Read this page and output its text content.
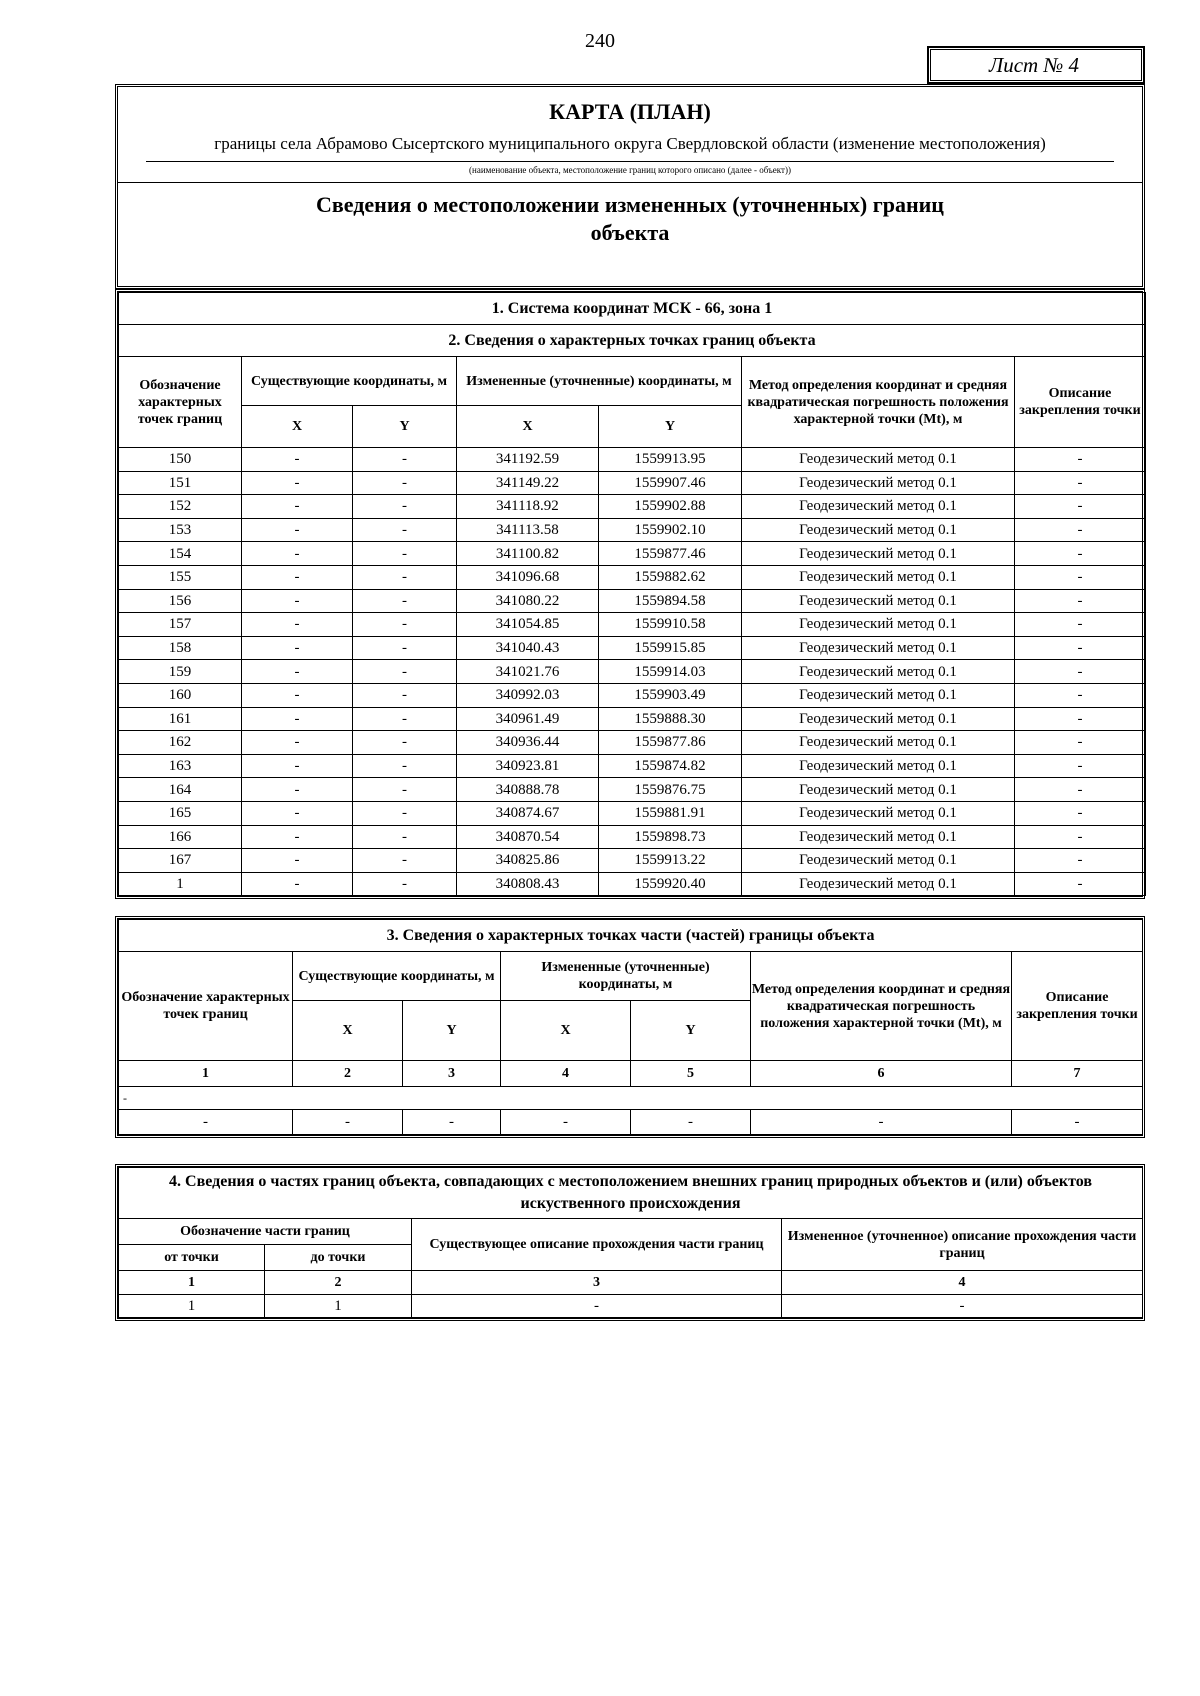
240
Лист № 4
КАРТА (ПЛАН)
границы села Абрамово Сысертского муниципального округа Свердловской области (изменение местоположения)
(наименование объекта, местоположение границ которого описано (далее - объект))
Сведения о местоположении измененных (уточненных) границ
объекта
1. Система координат МСК - 66, зона 1						
2. Сведения о характерных точках границ объекта						
Обозначение характерных точек границ	Существующие координаты, м		Измененные (уточненные) координаты, м		Метод определения координат и средняя квадратическая погрешность положения характерной точки (Mt), м	Описание закрепления точки
	X	Y	X	Y		
150	-	-	341192.59	1559913.95	Геодезический метод 0.1	-
151	-	-	341149.22	1559907.46	Геодезический метод 0.1	-
152	-	-	341118.92	1559902.88	Геодезический метод 0.1	-
153	-	-	341113.58	1559902.10	Геодезический метод 0.1	-
154	-	-	341100.82	1559877.46	Геодезический метод 0.1	-
155	-	-	341096.68	1559882.62	Геодезический метод 0.1	-
156	-	-	341080.22	1559894.58	Геодезический метод 0.1	-
157	-	-	341054.85	1559910.58	Геодезический метод 0.1	-
158	-	-	341040.43	1559915.85	Геодезический метод 0.1	-
159	-	-	341021.76	1559914.03	Геодезический метод 0.1	-
160	-	-	340992.03	1559903.49	Геодезический метод 0.1	-
161	-	-	340961.49	1559888.30	Геодезический метод 0.1	-
162	-	-	340936.44	1559877.86	Геодезический метод 0.1	-
163	-	-	340923.81	1559874.82	Геодезический метод 0.1	-
164	-	-	340888.78	1559876.75	Геодезический метод 0.1	-
165	-	-	340874.67	1559881.91	Геодезический метод 0.1	-
166	-	-	340870.54	1559898.73	Геодезический метод 0.1	-
167	-	-	340825.86	1559913.22	Геодезический метод 0.1	-
1	-	-	340808.43	1559920.40	Геодезический метод 0.1	-
3. Сведения о характерных точках части (частей) границы объекта						
Обозначение характерных точек границ	Существующие координаты, м		Измененные (уточненные) координаты, м		Метод определения координат и средняя квадратическая погрешность положения характерной точки (Mt), м	Описание закрепления точки
	X	Y	X	Y		
1	2	3	4	5	6	7
-						
-	-	-	-	-	-	-
4. Сведения о частях границ объекта, совпадающих с местоположением внешних границ природных объектов и (или) объектов искуственного происхождения			
Обозначение части границ		Существующее описание прохождения части границ	Измененное (уточненное) описание прохождения части границ
от точки	до точки		
1	2	3	4
1	1	-	-
